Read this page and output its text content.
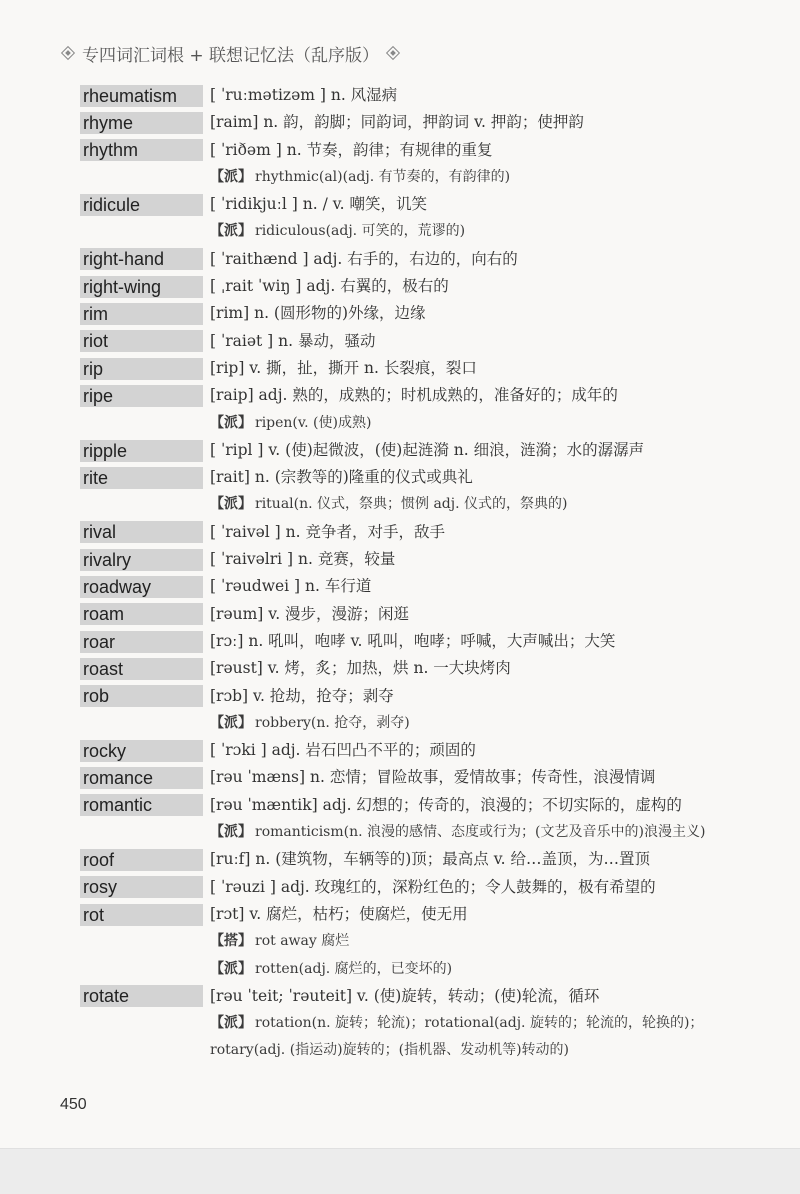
专四词汇词根 + 联想记忆法（乱序版）
rheumatism	[ ˈruːmətizəm ] n. 风湿病
rhyme	[raim] n. 韵，韵脚；同韵词，押韵词 v. 押韵；使押韵
rhythm	[ ˈriðəm ] n. 节奏，韵律；有规律的重复
【派】 rhythmic(al)(adj. 有节奏的，有韵律的)
ridicule	[ ˈridikjuːl ] n. / v. 嘲笑，讥笑
【派】 ridiculous(adj. 可笑的，荒谬的)
right-hand	[ ˈraithænd ] adj. 右手的，右边的，向右的
right-wing	[ ˌrait ˈwiŋ ] adj. 右翼的，极右的
rim	[rim] n. (圆形物的)外缘，边缘
riot	[ ˈraiət ] n. 暴动，骚动
rip	[rip] v. 撕，扯，撕开 n. 长裂痕，裂口
ripe	[raip] adj. 熟的，成熟的；时机成熟的，准备好的；成年的
【派】 ripen(v. (使)成熟)
ripple	[ ˈripl ] v. (使)起微波，(使)起涟漪 n. 细浪，涟漪；水的潺潺声
rite	[rait] n. (宗教等的)隆重的仪式或典礼
【派】 ritual(n. 仪式，祭典；惯例 adj. 仪式的，祭典的)
rival	[ ˈraivəl ] n. 竞争者，对手，敌手
rivalry	[ ˈraivəlri ] n. 竞赛，较量
roadway	[ ˈrəudwei ] n. 车行道
roam	[rəum] v. 漫步，漫游；闲逛
roar	[rɔː] n. 吼叫，咆哮 v. 吼叫，咆哮；呼喊，大声喊出；大笑
roast	[rəust] v. 烤，炙；加热，烘 n. 一大块烤肉
rob	[rɔb] v. 抢劫，抢夺；剥夺
【派】 robbery(n. 抢夺，剥夺)
rocky	[ ˈrɔki ] adj. 岩石凹凸不平的；顽固的
romance	[rəu ˈmæns] n. 恋情；冒险故事，爱情故事；传奇性，浪漫情调
romantic	[rəu ˈmæntik] adj. 幻想的；传奇的，浪漫的；不切实际的，虚构的
【派】 romanticism(n. 浪漫的感情、态度或行为；(文艺及音乐中的)浪漫主义)
roof	[ruːf] n. (建筑物，车辆等的)顶；最高点 v. 给…盖顶，为…置顶
rosy	[ ˈrəuzi ] adj. 玫瑰红的，深粉红色的；令人鼓舞的，极有希望的
rot	[rɔt] v. 腐烂，枯朽；使腐烂，使无用
【搭】 rot away 腐烂
【派】 rotten(adj. 腐烂的，已变坏的)
rotate	[rəu ˈteit; ˈrəuteit] v. (使)旋转，转动；(使)轮流，循环
【派】 rotation(n. 旋转；轮流)；rotational(adj. 旋转的；轮流的，轮换的)；rotary(adj. (指运动)旋转的；(指机器、发动机等)转动的)
450
